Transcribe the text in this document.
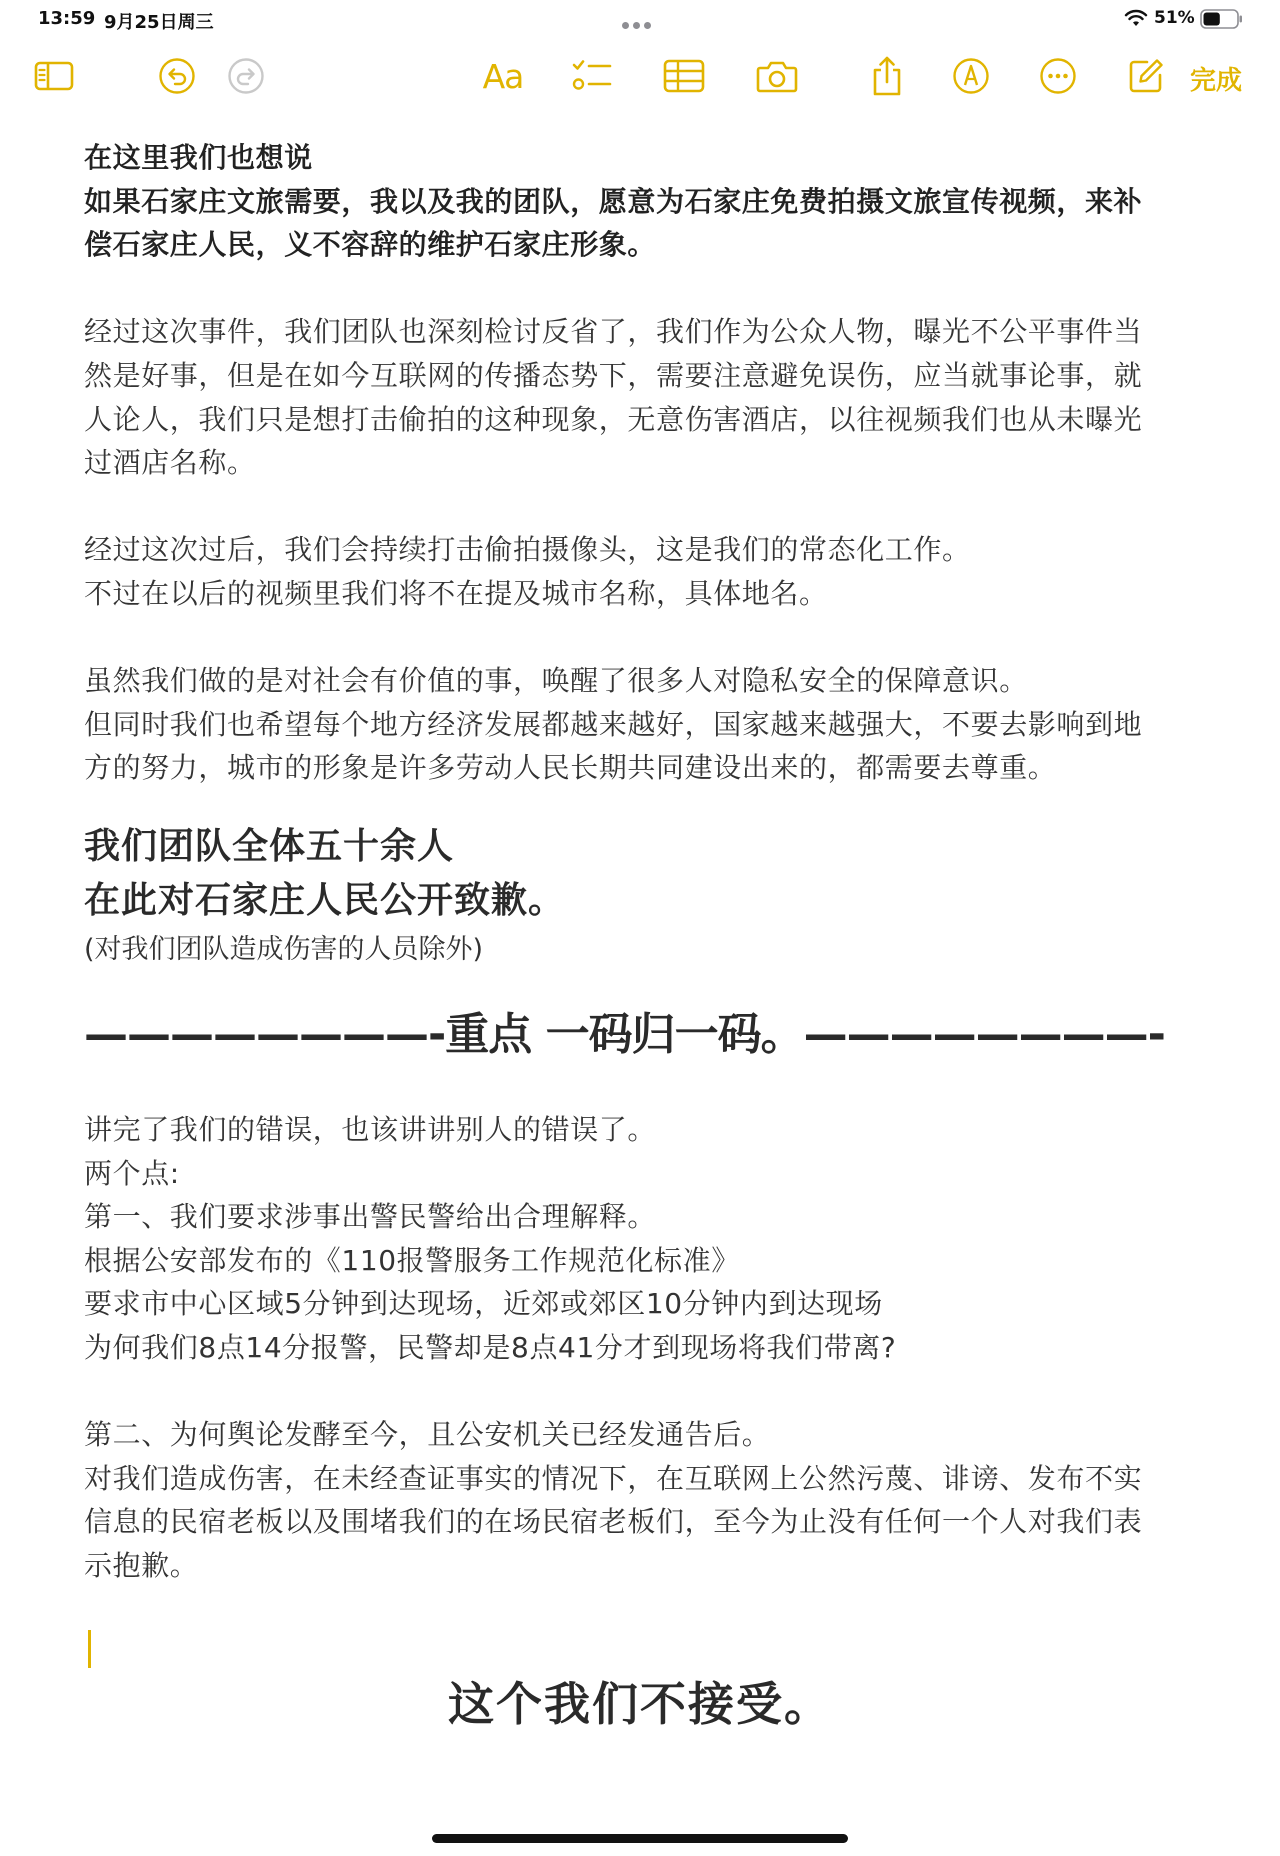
13:59 9月25日周三	51%
Aa	完成
在这里我们也想说
如果石家庄文旅需要，我以及我的团队，愿意为石家庄免费拍摄文旅宣传视频，来补
偿石家庄人民，义不容辞的维护石家庄形象。
经过这次事件，我们团队也深刻检讨反省了，我们作为公众人物，曝光不公平事件当
然是好事，但是在如今互联网的传播态势下，需要注意避免误伤，应当就事论事，就
人论人，我们只是想打击偷拍的这种现象，无意伤害酒店，以往视频我们也从未曝光
过酒店名称。
经过这次过后，我们会持续打击偷拍摄像头，这是我们的常态化工作。
不过在以后的视频里我们将不在提及城市名称，具体地名。
虽然我们做的是对社会有价值的事，唤醒了很多人对隐私安全的保障意识。
但同时我们也希望每个地方经济发展都越来越好，国家越来越强大，不要去影响到地
方的努力，城市的形象是许多劳动人民长期共同建设出来的，都需要去尊重。
我们团队全体五十余人
在此对石家庄人民公开致歉。
(对我们团队造成伤害的人员除外)
————————-重点 一码归一码。————————-
讲完了我们的错误，也该讲讲别人的错误了。
两个点:
第一、我们要求涉事出警民警给出合理解释。
根据公安部发布的《110报警服务工作规范化标准》
要求市中心区域5分钟到达现场，近郊或郊区10分钟内到达现场
为何我们8点14分报警，民警却是8点41分才到现场将我们带离?
第二、为何舆论发酵至今，且公安机关已经发通告后。
对我们造成伤害，在未经查证事实的情况下，在互联网上公然污蔑、诽谤、发布不实
信息的民宿老板以及围堵我们的在场民宿老板们，至今为止没有任何一个人对我们表
示抱歉。
这个我们不接受。
